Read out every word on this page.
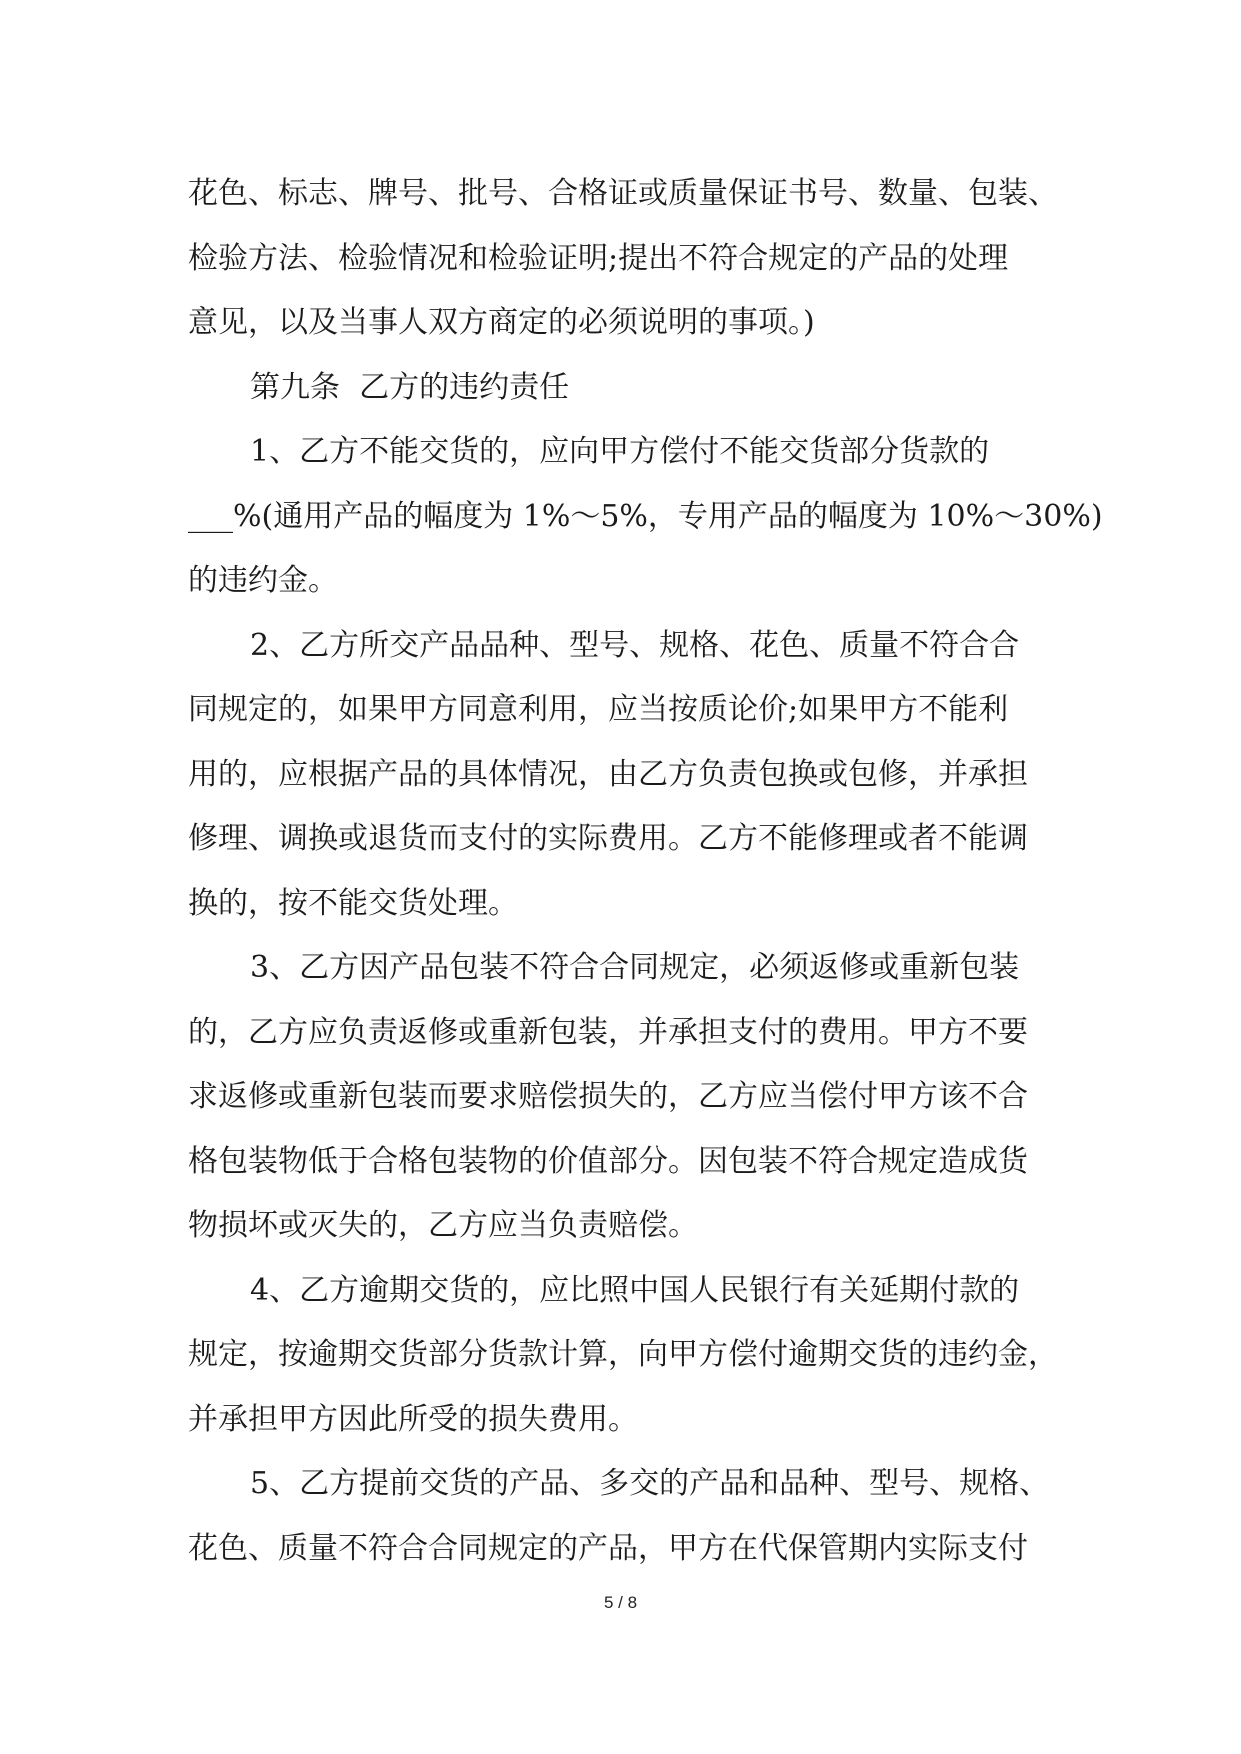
花色、标志、牌号、批号、合格证或质量保证书号、数量、包装、
检验方法、检验情况和检验证明;提出不符合规定的产品的处理
意见，以及当事人双方商定的必须说明的事项。)
第九条  乙方的违约责任
1、乙方不能交货的，应向甲方偿付不能交货部分货款的
___%(通用产品的幅度为 1%～5%，专用产品的幅度为 10%～30%)
的违约金。
2、乙方所交产品品种、型号、规格、花色、质量不符合合
同规定的，如果甲方同意利用，应当按质论价;如果甲方不能利
用的，应根据产品的具体情况，由乙方负责包换或包修，并承担
修理、调换或退货而支付的实际费用。乙方不能修理或者不能调
换的，按不能交货处理。
3、乙方因产品包装不符合合同规定，必须返修或重新包装
的，乙方应负责返修或重新包装，并承担支付的费用。甲方不要
求返修或重新包装而要求赔偿损失的，乙方应当偿付甲方该不合
格包装物低于合格包装物的价值部分。因包装不符合规定造成货
物损坏或灭失的，乙方应当负责赔偿。
4、乙方逾期交货的，应比照中国人民银行有关延期付款的
规定，按逾期交货部分货款计算，向甲方偿付逾期交货的违约金，
并承担甲方因此所受的损失费用。
5、乙方提前交货的产品、多交的产品和品种、型号、规格、
花色、质量不符合合同规定的产品，甲方在代保管期内实际支付
5 / 8
